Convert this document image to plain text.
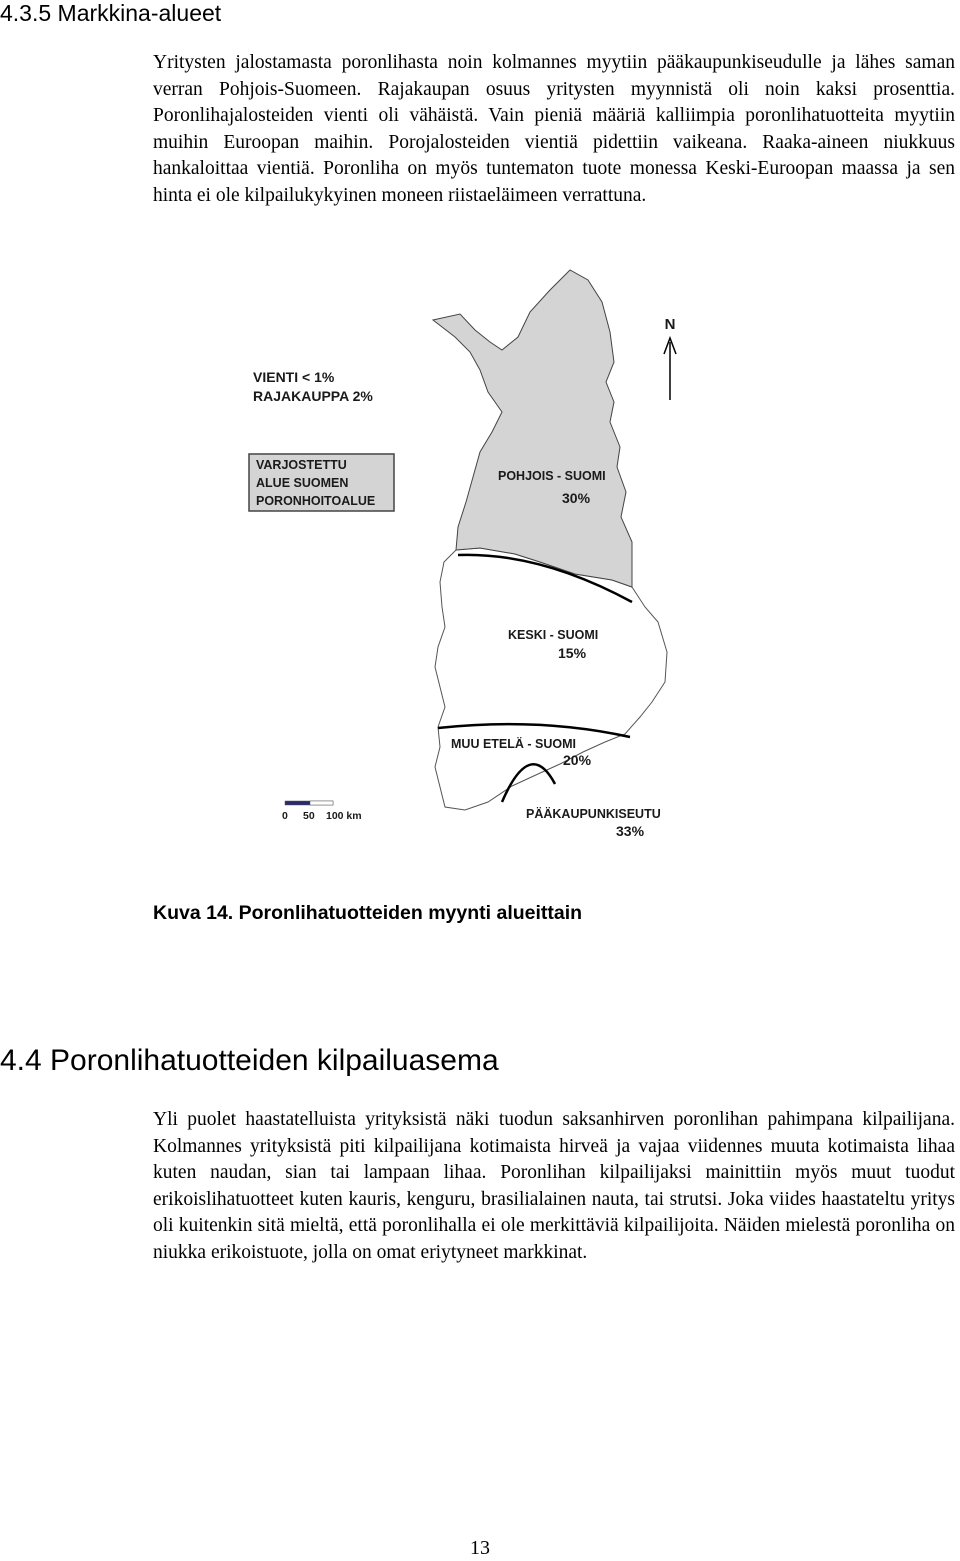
4.3.5 Markkina-alueet

Yritysten jalostamasta poronlihasta noin kolmannes myytiin pääkaupunkiseudulle ja lähes saman verran Pohjois-Suomeen. Rajakaupan osuus yritysten myynnistä oli noin kaksi prosenttia. Poronlihajalosteiden vienti oli vähäistä. Vain pieniä määriä kalliimpia poronlihatuotteita myytiin muihin Euroopan maihin. Porojalosteiden vientiä pidettiin vaikeana. Raaka-aineen niukkuus hankaloittaa vientiä. Poronliha on myös tuntematon tuote monessa Keski-Euroopan maassa ja sen hinta ei ole kilpailukykyinen moneen riistaeläimeen verrattuna.

N
VIENTI < 1%
RAJAKAUPPA 2%
VARJOSTETTU
ALUE SUOMEN
PORONHOITOALUE
POHJOIS - SUOMI
30%
KESKI - SUOMI
15%
MUU ETELÄ - SUOMI
20%
PÄÄKAUPUNKISEUTU
33%
0 50 100 km

Kuva 14. Poronlihatuotteiden myynti alueittain

4.4 Poronlihatuotteiden kilpailuasema

Yli puolet haastatelluista yrityksistä näki tuodun saksanhirven poronlihan pahimpana kilpailijana. Kolmannes yrityksistä piti kilpailijana kotimaista hirveä ja vajaa viidennes muuta kotimaista lihaa kuten naudan, sian tai lampaan lihaa. Poronlihan kilpailijaksi mainittiin myös muut tuodut erikoislihatuotteet kuten kauris, kenguru, brasilialainen nauta, tai strutsi. Joka viides haastateltu yritys oli kuitenkin sitä mieltä, että poronlihalla ei ole merkittäviä kilpailijoita. Näiden mielestä poronliha on niukka erikoistuote, jolla on omat eriytyneet markkinat.

13
